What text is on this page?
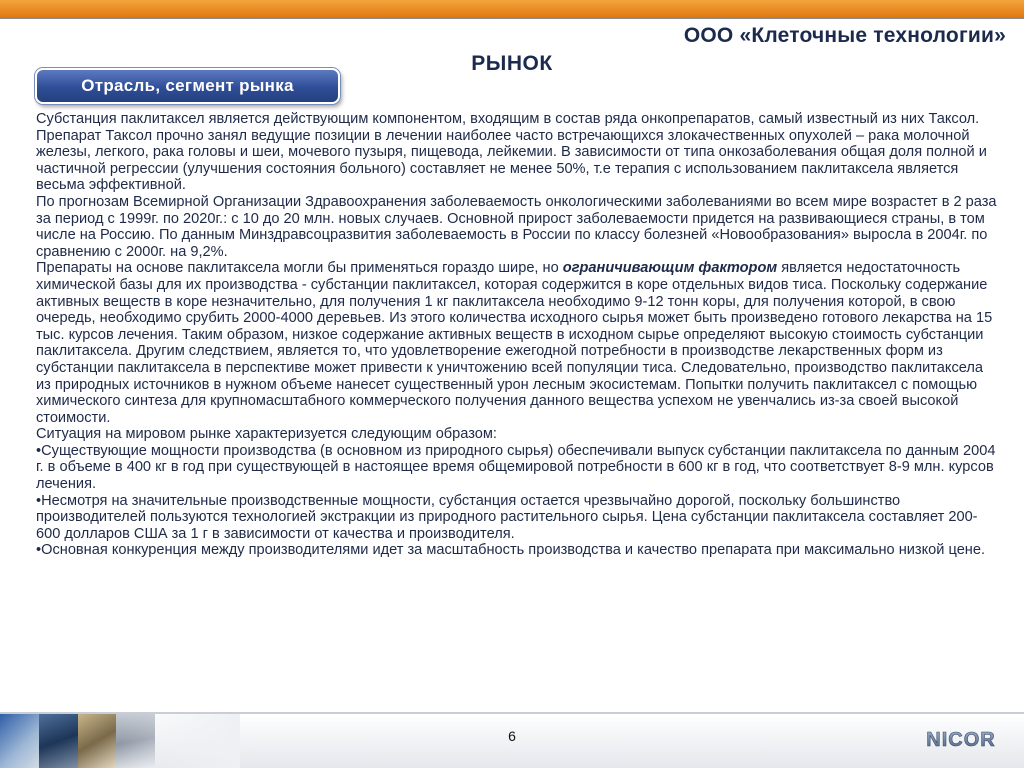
ООО «Клеточные технологии»
РЫНОК
Отрасль, сегмент рынка

Субстанция паклитаксел является действующим компонентом, входящим в состав ряда онкопрепаратов, самый известный из них Таксол. Препарат Таксол прочно занял ведущие позиции в лечении наиболее часто встречающихся злокачественных опухолей – рака молочной железы, легкого, рака головы и шеи, мочевого пузыря, пищевода, лейкемии. В зависимости от типа онкозаболевания общая доля полной и частичной регрессии (улучшения состояния больного) составляет не менее 50%, т.е терапия с использованием паклитаксела является весьма эффективной.

По прогнозам Всемирной Организации Здравоохранения заболеваемость онкологическими заболеваниями во всем мире возрастет в 2 раза за период с 1999г. по 2020г.: с 10 до 20 млн. новых случаев. Основной прирост заболеваемости придется на развивающиеся страны, в том числе на Россию. По данным Минздравсоцразвития заболеваемость в России по классу болезней «Новообразования» выросла в 2004г. по сравнению с 2000г. на 9,2%.

Препараты на основе паклитаксела могли бы применяться гораздо шире, но ограничивающим фактором является недостаточность химической базы для их производства - субстанции паклитаксел, которая содержится в коре отдельных видов тиса. Поскольку содержание активных веществ в коре незначительно, для получения 1 кг паклитаксела необходимо 9-12 тонн коры, для получения которой, в свою очередь, необходимо срубить 2000-4000 деревьев. Из этого количества исходного сырья может быть произведено готового лекарства на 15 тыс. курсов лечения. Таким образом, низкое содержание активных веществ в исходном сырье определяют высокую стоимость субстанции паклитаксела. Другим следствием, является то, что удовлетворение ежегодной потребности в производстве лекарственных форм из субстанции паклитаксела в перспективе может привести к уничтожению всей популяции тиса. Следовательно, производство паклитаксела из природных источников в нужном объеме нанесет существенный урон лесным экосистемам. Попытки получить паклитаксел с помощью химического синтеза для крупномасштабного коммерческого получения данного вещества успехом не увенчались из-за своей высокой стоимости.

Ситуация на мировом рынке характеризуется следующим образом:

•Существующие мощности производства (в основном из природного сырья) обеспечивали выпуск субстанции паклитаксела по данным 2004 г. в объеме в 400 кг в год при существующей в настоящее время общемировой потребности в 600 кг в год, что соответствует 8-9 млн. курсов лечения.

•Несмотря на значительные производственные мощности, субстанция остается чрезвычайно дорогой, поскольку большинство производителей пользуются технологией экстракции из природного растительного сырья. Цена субстанции паклитаксела составляет 200-600 долларов США за 1 г в зависимости от качества и производителя.

•Основная конкуренция между производителями идет за масштабность производства и качество препарата при максимально низкой цене.

6	NICOR
